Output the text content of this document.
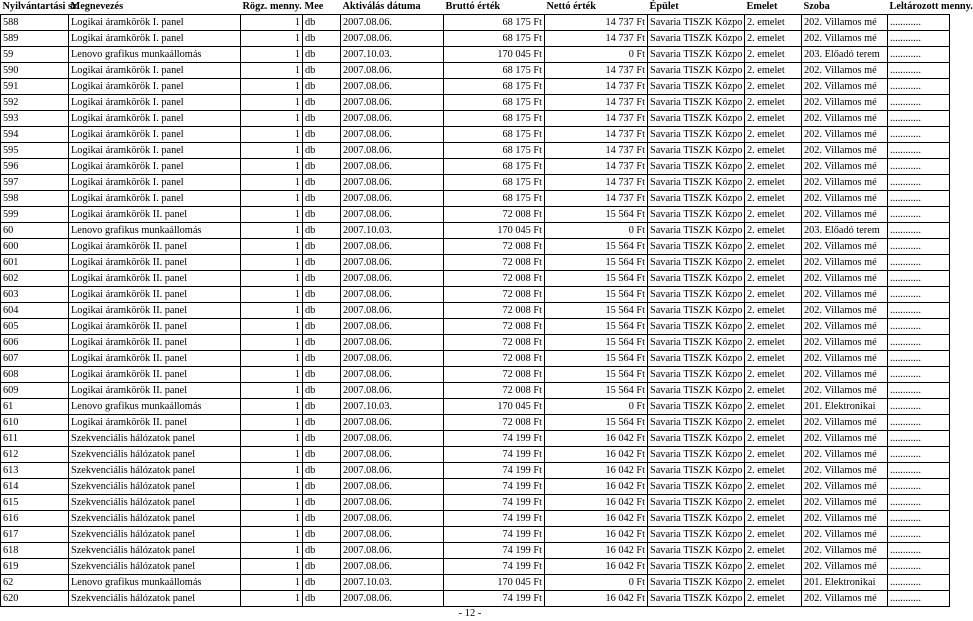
Nyilvántartási sz.	Megnevezés	Rögz. menny.	Mee	Aktiválás dátuma	Bruttó érték	Nettó érték	Épület	Emelet	Szoba	Leltározott menny.
588	Logikai áramkörök I. panel	1	db	2007.08.06.	68 175 Ft	14 737 Ft	Savaria TISZK Közpo	2. emelet	202. Villamos mé	............
589	Logikai áramkörök I. panel	1	db	2007.08.06.	68 175 Ft	14 737 Ft	Savaria TISZK Közpo	2. emelet	202. Villamos mé	............
59	Lenovo grafikus munkaállomás	1	db	2007.10.03.	170 045 Ft	0 Ft	Savaria TISZK Közpo	2. emelet	203. Előadó terem	............
590	Logikai áramkörök I. panel	1	db	2007.08.06.	68 175 Ft	14 737 Ft	Savaria TISZK Közpo	2. emelet	202. Villamos mé	............
591	Logikai áramkörök I. panel	1	db	2007.08.06.	68 175 Ft	14 737 Ft	Savaria TISZK Közpo	2. emelet	202. Villamos mé	............
592	Logikai áramkörök I. panel	1	db	2007.08.06.	68 175 Ft	14 737 Ft	Savaria TISZK Közpo	2. emelet	202. Villamos mé	............
593	Logikai áramkörök I. panel	1	db	2007.08.06.	68 175 Ft	14 737 Ft	Savaria TISZK Közpo	2. emelet	202. Villamos mé	............
594	Logikai áramkörök I. panel	1	db	2007.08.06.	68 175 Ft	14 737 Ft	Savaria TISZK Közpo	2. emelet	202. Villamos mé	............
595	Logikai áramkörök I. panel	1	db	2007.08.06.	68 175 Ft	14 737 Ft	Savaria TISZK Közpo	2. emelet	202. Villamos mé	............
596	Logikai áramkörök I. panel	1	db	2007.08.06.	68 175 Ft	14 737 Ft	Savaria TISZK Közpo	2. emelet	202. Villamos mé	............
597	Logikai áramkörök I. panel	1	db	2007.08.06.	68 175 Ft	14 737 Ft	Savaria TISZK Közpo	2. emelet	202. Villamos mé	............
598	Logikai áramkörök I. panel	1	db	2007.08.06.	68 175 Ft	14 737 Ft	Savaria TISZK Közpo	2. emelet	202. Villamos mé	............
599	Logikai áramkörök II. panel	1	db	2007.08.06.	72 008 Ft	15 564 Ft	Savaria TISZK Közpo	2. emelet	202. Villamos mé	............
60	Lenovo grafikus munkaállomás	1	db	2007.10.03.	170 045 Ft	0 Ft	Savaria TISZK Közpo	2. emelet	203. Előadó terem	............
600	Logikai áramkörök II. panel	1	db	2007.08.06.	72 008 Ft	15 564 Ft	Savaria TISZK Közpo	2. emelet	202. Villamos mé	............
601	Logikai áramkörök II. panel	1	db	2007.08.06.	72 008 Ft	15 564 Ft	Savaria TISZK Közpo	2. emelet	202. Villamos mé	............
602	Logikai áramkörök II. panel	1	db	2007.08.06.	72 008 Ft	15 564 Ft	Savaria TISZK Közpo	2. emelet	202. Villamos mé	............
603	Logikai áramkörök II. panel	1	db	2007.08.06.	72 008 Ft	15 564 Ft	Savaria TISZK Közpo	2. emelet	202. Villamos mé	............
604	Logikai áramkörök II. panel	1	db	2007.08.06.	72 008 Ft	15 564 Ft	Savaria TISZK Közpo	2. emelet	202. Villamos mé	............
605	Logikai áramkörök II. panel	1	db	2007.08.06.	72 008 Ft	15 564 Ft	Savaria TISZK Közpo	2. emelet	202. Villamos mé	............
606	Logikai áramkörök II. panel	1	db	2007.08.06.	72 008 Ft	15 564 Ft	Savaria TISZK Közpo	2. emelet	202. Villamos mé	............
607	Logikai áramkörök II. panel	1	db	2007.08.06.	72 008 Ft	15 564 Ft	Savaria TISZK Közpo	2. emelet	202. Villamos mé	............
608	Logikai áramkörök II. panel	1	db	2007.08.06.	72 008 Ft	15 564 Ft	Savaria TISZK Közpo	2. emelet	202. Villamos mé	............
609	Logikai áramkörök II. panel	1	db	2007.08.06.	72 008 Ft	15 564 Ft	Savaria TISZK Közpo	2. emelet	202. Villamos mé	............
61	Lenovo grafikus munkaállomás	1	db	2007.10.03.	170 045 Ft	0 Ft	Savaria TISZK Közpo	2. emelet	201. Elektronikai	............
610	Logikai áramkörök II. panel	1	db	2007.08.06.	72 008 Ft	15 564 Ft	Savaria TISZK Közpo	2. emelet	202. Villamos mé	............
611	Szekvenciális hálózatok panel	1	db	2007.08.06.	74 199 Ft	16 042 Ft	Savaria TISZK Közpo	2. emelet	202. Villamos mé	............
612	Szekvenciális hálózatok panel	1	db	2007.08.06.	74 199 Ft	16 042 Ft	Savaria TISZK Közpo	2. emelet	202. Villamos mé	............
613	Szekvenciális hálózatok panel	1	db	2007.08.06.	74 199 Ft	16 042 Ft	Savaria TISZK Közpo	2. emelet	202. Villamos mé	............
614	Szekvenciális hálózatok panel	1	db	2007.08.06.	74 199 Ft	16 042 Ft	Savaria TISZK Közpo	2. emelet	202. Villamos mé	............
615	Szekvenciális hálózatok panel	1	db	2007.08.06.	74 199 Ft	16 042 Ft	Savaria TISZK Közpo	2. emelet	202. Villamos mé	............
616	Szekvenciális hálózatok panel	1	db	2007.08.06.	74 199 Ft	16 042 Ft	Savaria TISZK Közpo	2. emelet	202. Villamos mé	............
617	Szekvenciális hálózatok panel	1	db	2007.08.06.	74 199 Ft	16 042 Ft	Savaria TISZK Közpo	2. emelet	202. Villamos mé	............
618	Szekvenciális hálózatok panel	1	db	2007.08.06.	74 199 Ft	16 042 Ft	Savaria TISZK Közpo	2. emelet	202. Villamos mé	............
619	Szekvenciális hálózatok panel	1	db	2007.08.06.	74 199 Ft	16 042 Ft	Savaria TISZK Közpo	2. emelet	202. Villamos mé	............
62	Lenovo grafikus munkaállomás	1	db	2007.10.03.	170 045 Ft	0 Ft	Savaria TISZK Közpo	2. emelet	201. Elektronikai	............
620	Szekvenciális hálózatok panel	1	db	2007.08.06.	74 199 Ft	16 042 Ft	Savaria TISZK Közpo	2. emelet	202. Villamos mé	............
- 12 -
